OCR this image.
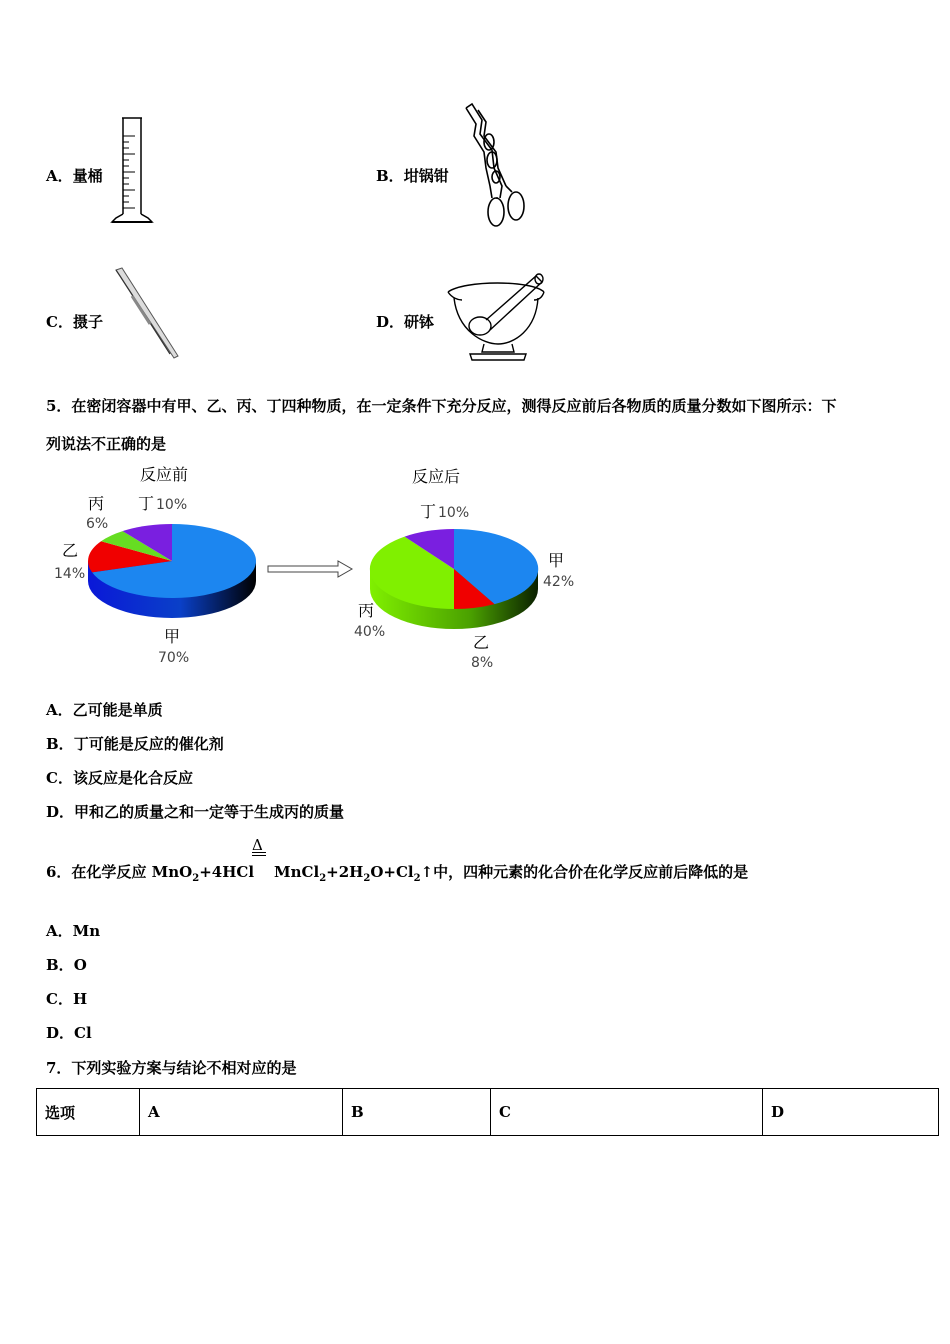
A．量桶	B．坩锅钳
C．摄子	D．研钵
5．在密闭容器中有甲、乙、丙、丁四种物质，在一定条件下充分反应，测得反应前后各物质的质量分数如下图所示：下
列说法不正确的是
反应前
丙
6%
丁 10%
乙
14%
甲
70%
反应后
丁 10%
甲
42%
丙
40%
乙
8%
A．乙可能是单质
B．丁可能是反应的催化剂
C．该反应是化合反应
D．甲和乙的质量之和一定等于生成丙的质量
Δ
6．在化学反应 MnO$_2$+4HCl $MnCl_2+2H_2O+Cl_2↑$中，四种元素的化合价在化学反应前后降低的是
A．Mn
B．O
C．H
D．Cl
7．下列实验方案与结论不相对应的是
选项	A	B	C	D
